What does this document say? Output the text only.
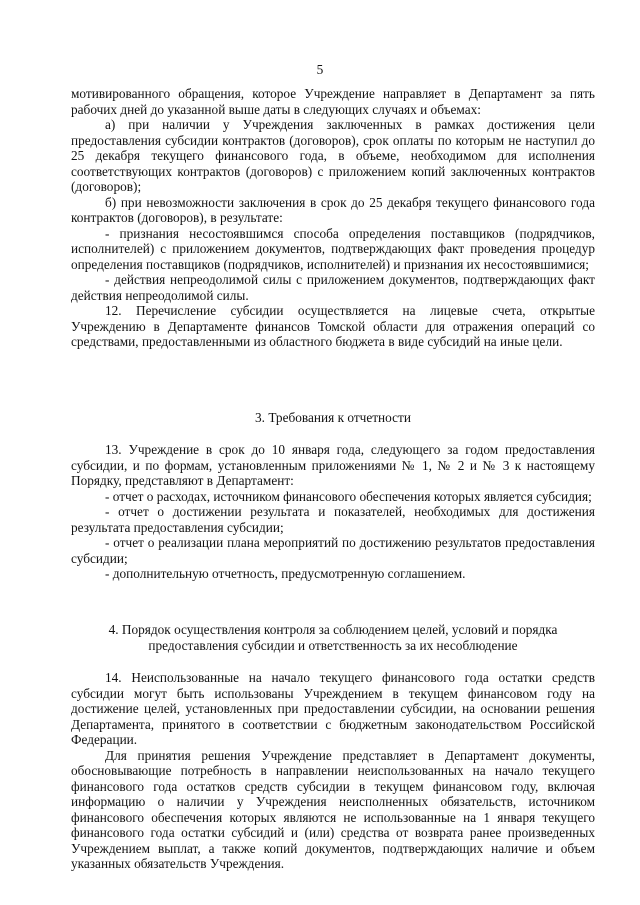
5

мотивированного обращения, которое Учреждение направляет в Департамент за пять рабочих дней до указанной выше даты в следующих случаях и объемах:

а) при наличии у Учреждения заключенных в рамках достижения цели предоставления субсидии контрактов (договоров), срок оплаты по которым не наступил до 25 декабря текущего финансового года, в объеме, необходимом для исполнения соответствующих контрактов (договоров) с приложением копий заключенных контрактов (договоров);

б) при невозможности заключения в срок до 25 декабря текущего финансового года контрактов (договоров), в результате:

- признания несостоявшимся способа определения поставщиков (подрядчиков, исполнителей) с приложением документов, подтверждающих факт проведения процедур определения поставщиков (подрядчиков, исполнителей) и признания их несостоявшимися;

- действия непреодолимой силы с приложением документов, подтверждающих факт действия непреодолимой силы.

12. Перечисление субсидии осуществляется на лицевые счета, открытые Учреждению в Департаменте финансов Томской области для отражения операций со средствами, предоставленными из областного бюджета в виде субсидий на иные цели.

3. Требования к отчетности

13. Учреждение в срок до 10 января года, следующего за годом предоставления субсидии, и по формам, установленным приложениями № 1, № 2 и № 3 к настоящему Порядку, представляют в Департамент:

- отчет о расходах, источником финансового обеспечения которых является субсидия;

- отчет о достижении результата и показателей, необходимых для достижения результата предоставления субсидии;

- отчет о реализации плана мероприятий по достижению результатов предоставления субсидии;

- дополнительную отчетность, предусмотренную соглашением.

4. Порядок осуществления контроля за соблюдением целей, условий и порядка

предоставления субсидии и ответственность за их несоблюдение

14. Неиспользованные на начало текущего финансового года остатки средств субсидии могут быть использованы Учреждением в текущем финансовом году на достижение целей, установленных при предоставлении субсидии, на основании решения Департамента, принятого в соответствии с бюджетным законодательством Российской Федерации.

Для принятия решения Учреждение представляет в Департамент документы, обосновывающие потребность в направлении неиспользованных на начало текущего финансового года остатков средств субсидии в текущем финансовом году, включая информацию о наличии у Учреждения неисполненных обязательств, источником финансового обеспечения которых являются не использованные на 1 января текущего финансового года остатки субсидий и (или) средства от возврата ранее произведенных Учреждением выплат, а также копий документов, подтверждающих наличие и объем указанных обязательств Учреждения.
